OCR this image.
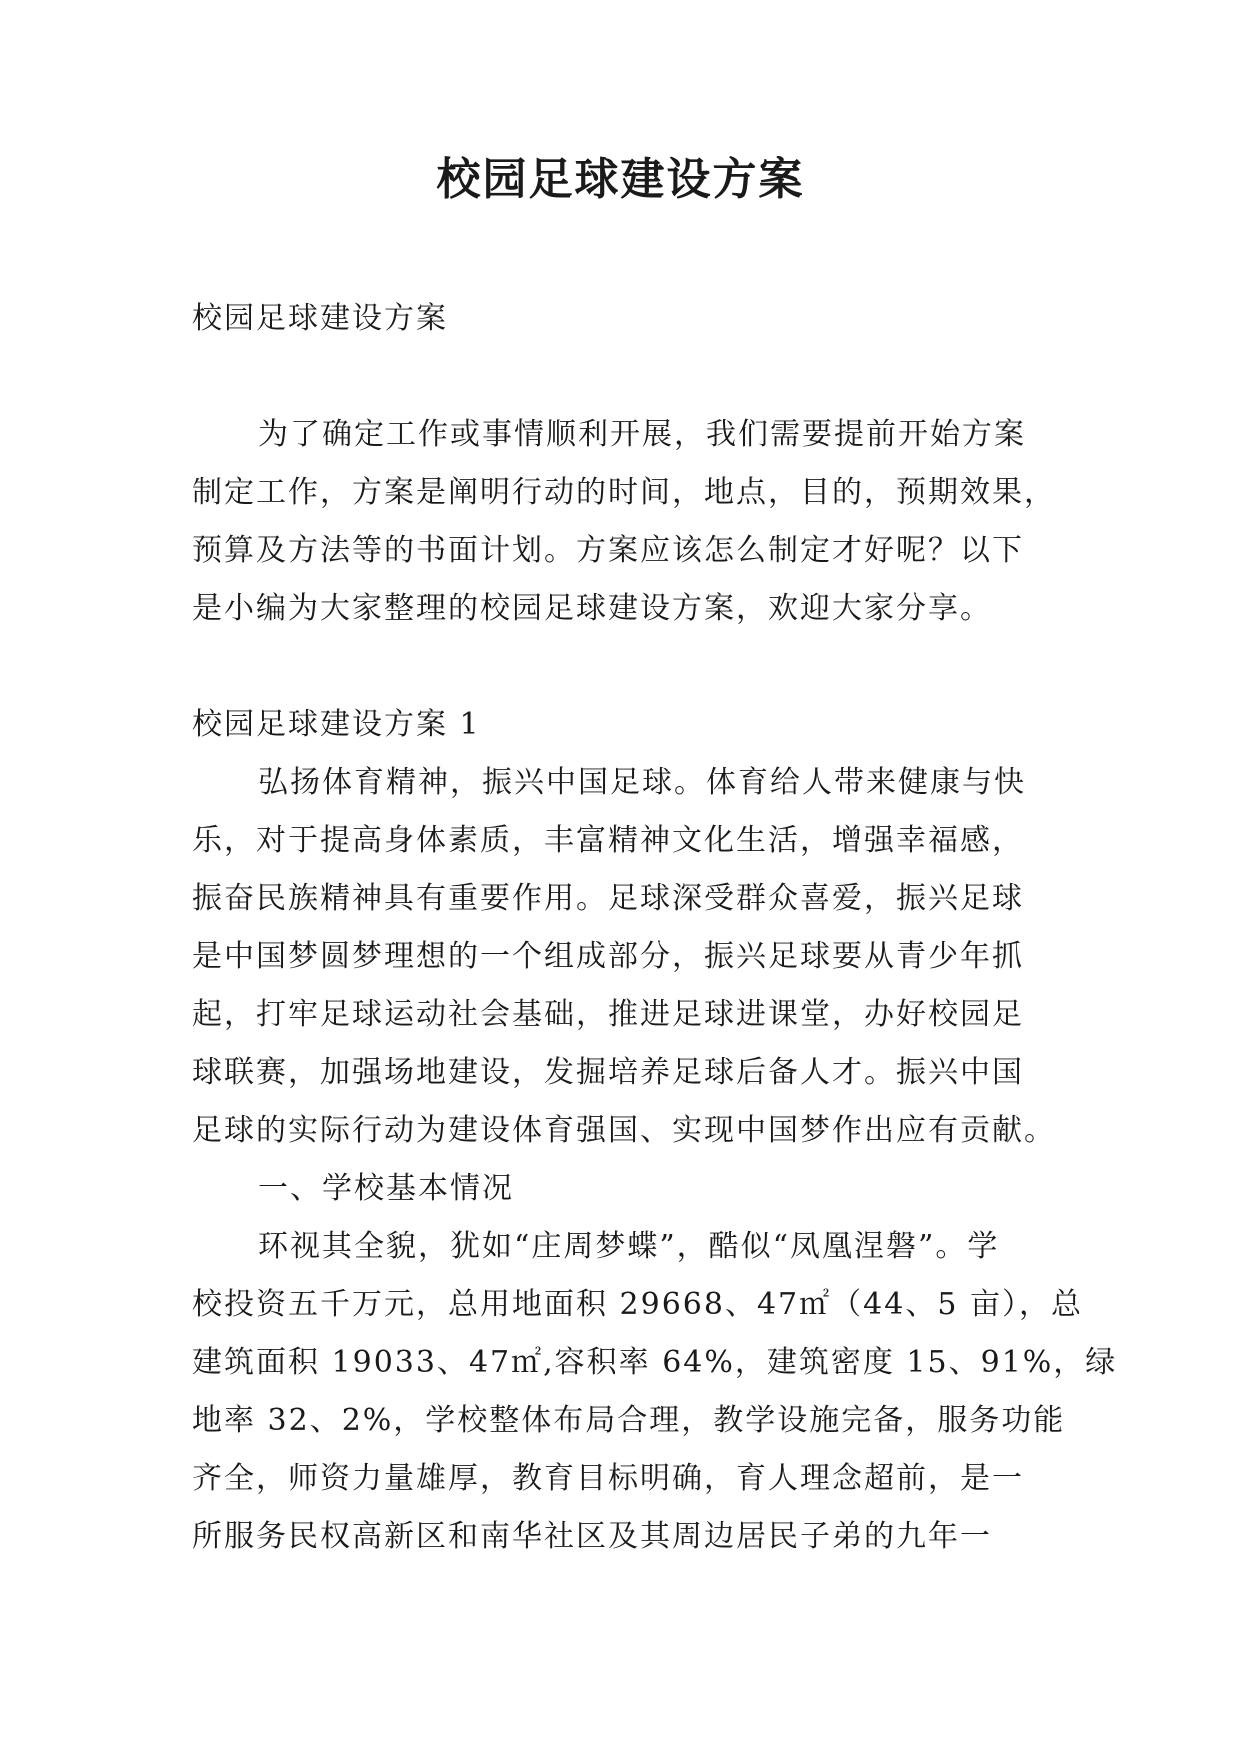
校园足球建设方案
校园足球建设方案
为了确定工作或事情顺利开展，我们需要提前开始方案
制定工作，方案是阐明行动的时间，地点，目的，预期效果，
预算及方法等的书面计划。方案应该怎么制定才好呢？以下
是小编为大家整理的校园足球建设方案，欢迎大家分享。
校园足球建设方案 1
弘扬体育精神，振兴中国足球。体育给人带来健康与快
乐，对于提高身体素质，丰富精神文化生活，增强幸福感，
振奋民族精神具有重要作用。足球深受群众喜爱，振兴足球
是中国梦圆梦理想的一个组成部分，振兴足球要从青少年抓
起，打牢足球运动社会基础，推进足球进课堂，办好校园足
球联赛，加强场地建设，发掘培养足球后备人才。振兴中国
足球的实际行动为建设体育强国、实现中国梦作出应有贡献。
一、学校基本情况
环视其全貌，犹如“庄周梦蝶”，酷似“凤凰涅磐”。学
校投资五千万元，总用地面积 29668、47㎡（44、5 亩），总
建筑面积 19033、47㎡,容积率 64%，建筑密度 15、91%，绿
地率 32、2%，学校整体布局合理，教学设施完备，服务功能
齐全，师资力量雄厚，教育目标明确，育人理念超前，是一
所服务民权高新区和南华社区及其周边居民子弟的九年一
